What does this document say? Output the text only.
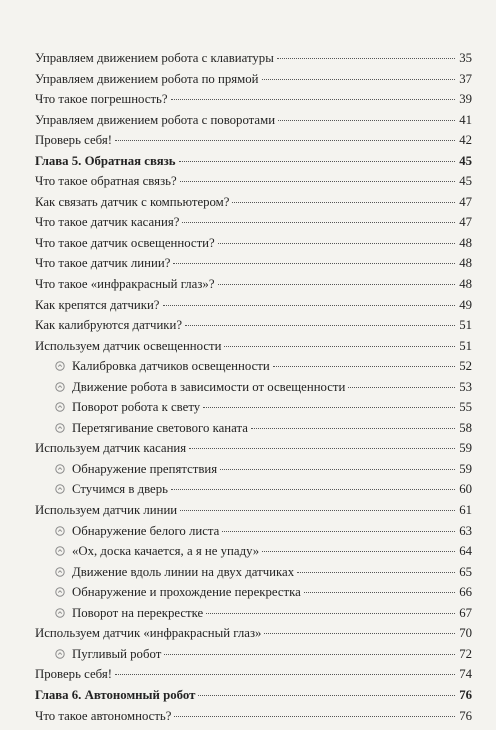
Управляем движением робота с клавиатуры	35
Управляем движением робота по прямой	37
Что такое погрешность?	39
Управляем движением робота с поворотами	41
Проверь себя!	42
Глава 5. Обратная связь	45
Что такое обратная связь?	45
Как связать датчик с компьютером?	47
Что такое датчик касания?	47
Что такое датчик освещенности?	48
Что такое датчик линии?	48
Что такое «инфракрасный глаз»?	48
Как крепятся датчики?	49
Как калибруются датчики?	51
Используем датчик освещенности	51
Калибровка датчиков освещенности	52
Движение робота в зависимости от освещенности	53
Поворот робота к свету	55
Перетягивание светового каната	58
Используем датчик касания	59
Обнаружение препятствия	59
Стучимся в дверь	60
Используем датчик линии	61
Обнаружение белого листа	63
«Ох, доска качается, а я не упаду»	64
Движение вдоль линии на двух датчиках	65
Обнаружение и прохождение перекрестка	66
Поворот на перекрестке	67
Используем датчик «инфракрасный глаз»	70
Пугливый робот	72
Проверь себя!	74
Глава 6. Автономный робот	76
Что такое автономность?	76
